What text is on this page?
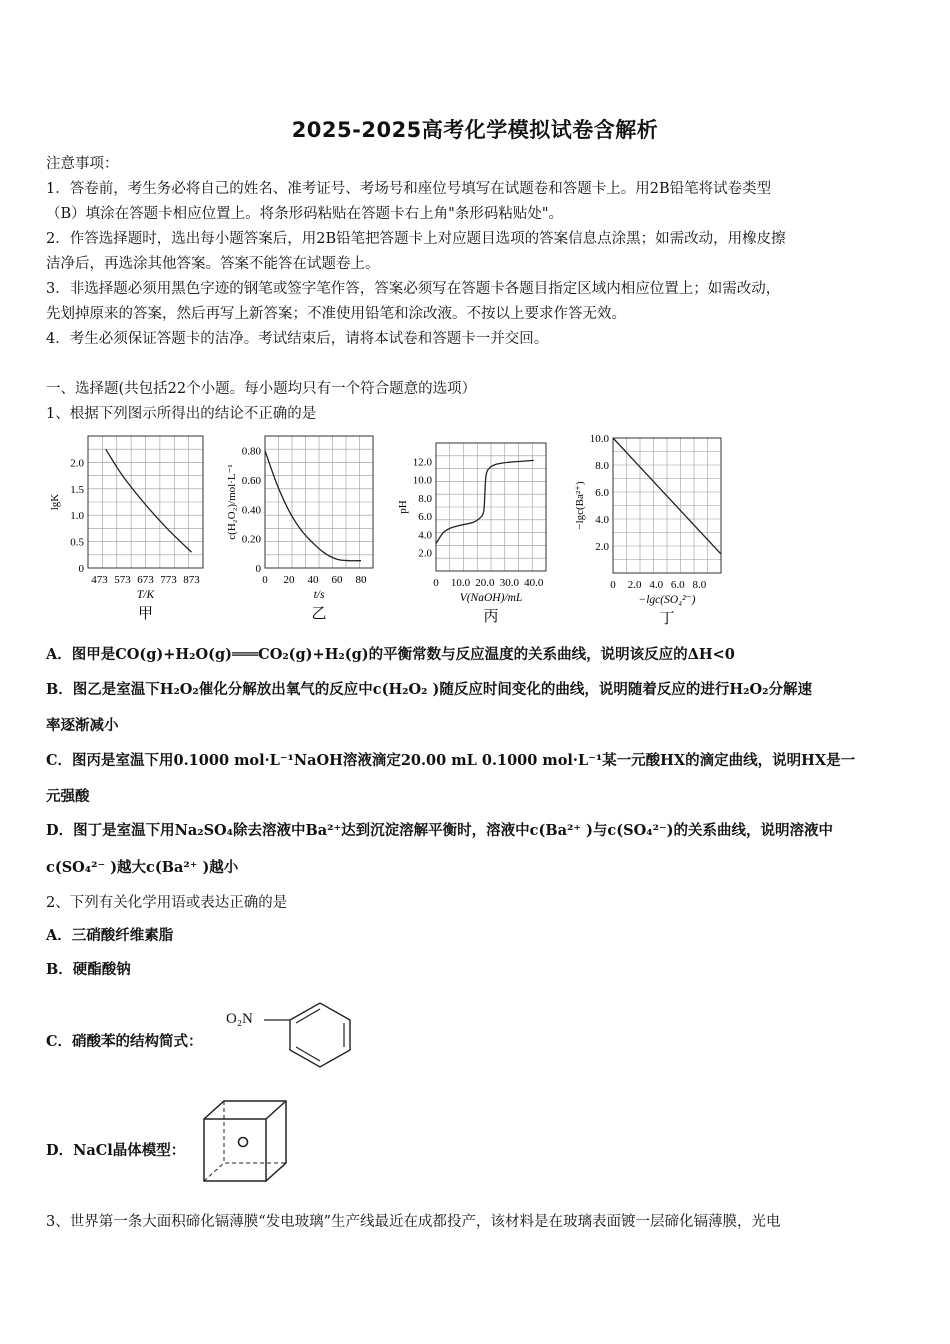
2025-2025高考化学模拟试卷含解析
注意事项：
1．答卷前，考生务必将自己的姓名、准考证号、考场号和座位号填写在试题卷和答题卡上。用2B铅笔将试卷类型
（B）填涂在答题卡相应位置上。将条形码粘贴在答题卡右上角"条形码粘贴处"。
2．作答选择题时，选出每小题答案后，用2B铅笔把答题卡上对应题目选项的答案信息点涂黑；如需改动，用橡皮擦
洁净后，再选涂其他答案。答案不能答在试题卷上。
3．非选择题必须用黑色字迹的钢笔或签字笔作答，答案必须写在答题卡各题目指定区域内相应位置上；如需改动，
先划掉原来的答案，然后再写上新答案；不准使用铅笔和涂改液。不按以上要求作答无效。
4．考生必须保证答题卡的洁净。考试结束后，请将本试卷和答题卡一并交回。
一、选择题(共包括22个小题。每小题均只有一个符合题意的选项）
1、根据下列图示所得出的结论不正确的是
473 573 673 773 873
0
0.5
1.0
1.5
2.0
T/K
lgK
甲
0 20 40 60 80
0.80
0.60
0.40
0.20
0
t/s
c(H₂O₂)/mol·L⁻¹
乙
0 10.0 20.0 30.0 40.0
12.0
10.0
8.0
6.0
4.0
2.0
V(NaOH)/mL
pH
丙
0 2.0 4.0 6.0 8.0
10.0
8.0
6.0
4.0
2.0
−lgc(SO₄²⁻)
−lgc(Ba²⁺)
丁
A．图甲是CO(g)+H₂O(g)═══CO₂(g)+H₂(g)的平衡常数与反应温度的关系曲线，说明该反应的ΔH<0
B．图乙是室温下H₂O₂催化分解放出氧气的反应中c(H₂O₂ )随反应时间变化的曲线，说明随着反应的进行H₂O₂分解速
率逐渐减小
C．图丙是室温下用0.1000 mol·L⁻¹NaOH溶液滴定20.00 mL 0.1000 mol·L⁻¹某一元酸HX的滴定曲线，说明HX是一
元强酸
D．图丁是室温下用Na₂SO₄除去溶液中Ba²⁺达到沉淀溶解平衡时，溶液中c(Ba²⁺ )与c(SO₄²⁻)的关系曲线，说明溶液中
c(SO₄²⁻ )越大c(Ba²⁺ )越小
2、下列有关化学用语或表达正确的是
A．三硝酸纤维素脂
B．硬酯酸钠
C．硝酸苯的结构简式：
O₂N
D．NaCl晶体模型：
3、世界第一条大面积碲化镉薄膜“发电玻璃”生产线最近在成都投产，该材料是在玻璃表面镀一层碲化镉薄膜，光电
